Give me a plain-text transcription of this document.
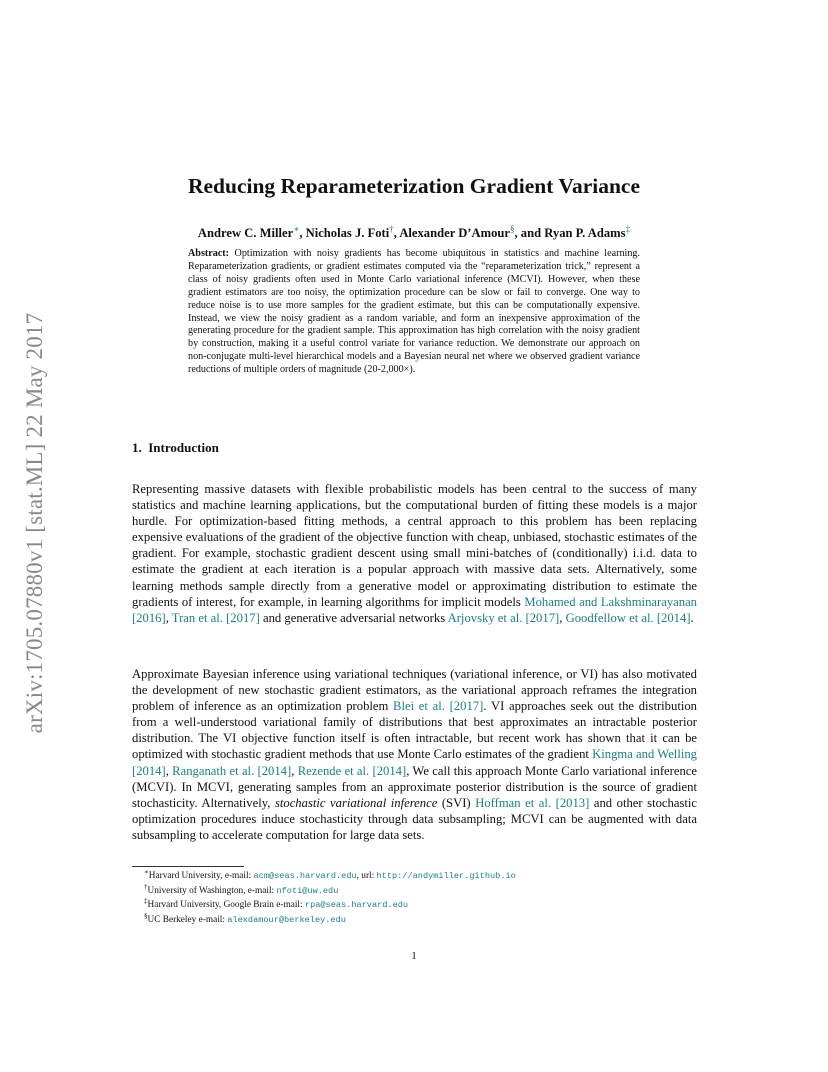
arXiv:1705.07880v1 [stat.ML] 22 May 2017
Reducing Reparameterization Gradient Variance
Andrew C. Miller∗, Nicholas J. Foti†, Alexander D’Amour§, and Ryan P. Adams‡
Abstract: Optimization with noisy gradients has become ubiquitous in statistics and machine learning. Reparameterization gradients, or gradient estimates computed via the “reparameterization trick,” represent a class of noisy gradients often used in Monte Carlo variational inference (MCVI). However, when these gradient estimators are too noisy, the optimization procedure can be slow or fail to converge. One way to reduce noise is to use more samples for the gradient estimate, but this can be computationally expensive. Instead, we view the noisy gradient as a random variable, and form an inexpensive approximation of the generating procedure for the gradient sample. This approximation has high correlation with the noisy gradient by construction, making it a useful control variate for variance reduction. We demonstrate our approach on non-conjugate multi-level hierarchical models and a Bayesian neural net where we observed gradient variance reductions of multiple orders of magnitude (20-2,000×).
1. Introduction
Representing massive datasets with flexible probabilistic models has been central to the success of many statistics and machine learning applications, but the computational burden of fitting these models is a major hurdle. For optimization-based fitting methods, a central approach to this problem has been replacing expensive evaluations of the gradient of the objective function with cheap, unbiased, stochastic estimates of the gradient. For example, stochastic gradient descent using small mini-batches of (conditionally) i.i.d. data to estimate the gradient at each iteration is a popular approach with massive data sets. Alternatively, some learning methods sample directly from a generative model or approximating distribution to estimate the gradients of interest, for example, in learning algorithms for implicit models Mohamed and Lakshminarayanan [2016], Tran et al. [2017] and generative adversarial networks Arjovsky et al. [2017], Goodfellow et al. [2014].
Approximate Bayesian inference using variational techniques (variational inference, or VI) has also motivated the development of new stochastic gradient estimators, as the variational approach reframes the integration problem of inference as an optimization problem Blei et al. [2017]. VI approaches seek out the distribution from a well-understood variational family of distributions that best approximates an intractable posterior distribution. The VI objective function itself is often intractable, but recent work has shown that it can be optimized with stochastic gradient methods that use Monte Carlo estimates of the gradient Kingma and Welling [2014], Ranganath et al. [2014], Rezende et al. [2014], We call this approach Monte Carlo variational inference (MCVI). In MCVI, generating samples from an approximate posterior distribution is the source of gradient stochasticity. Alternatively, stochastic variational inference (SVI) Hoffman et al. [2013] and other stochastic optimization procedures induce stochasticity through data subsampling; MCVI can be augmented with data subsampling to accelerate computation for large data sets.
∗Harvard University, e-mail: acm@seas.harvard.edu, url: http://andymiller.github.io
†University of Washington, e-mail: nfoti@uw.edu
‡Harvard University, Google Brain e-mail: rpa@seas.harvard.edu
§UC Berkeley e-mail: alexdamour@berkeley.edu
1
